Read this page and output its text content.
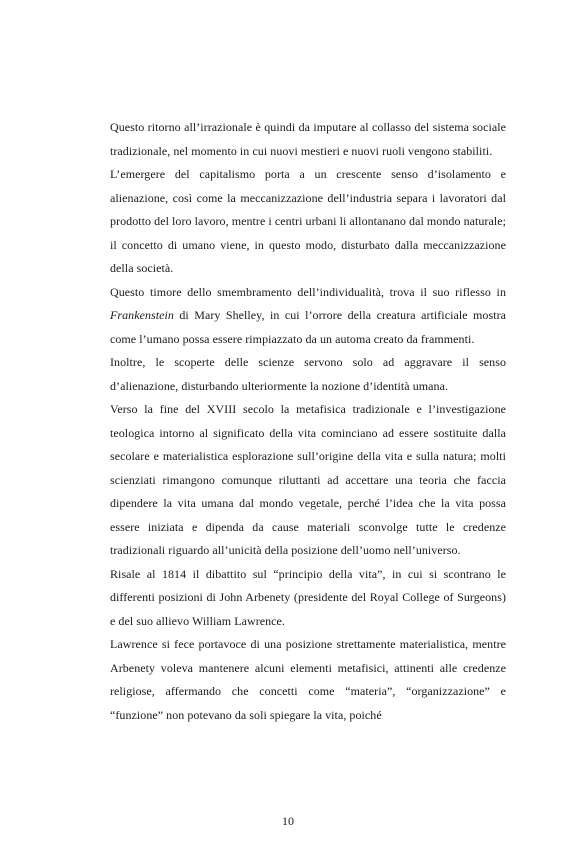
Questo ritorno all’irrazionale è quindi da imputare al collasso del sistema sociale tradizionale, nel momento in cui nuovi mestieri e nuovi ruoli vengono stabiliti.

L’emergere del capitalismo porta a un crescente senso d’isolamento e alienazione, così come la meccanizzazione dell’industria separa i lavoratori dal prodotto del loro lavoro, mentre i centri urbani li allontanano dal mondo naturale; il concetto di umano viene, in questo modo, disturbato dalla meccanizzazione della società.

Questo timore dello smembramento dell’individualità, trova il suo riflesso in Frankenstein di Mary Shelley, in cui l’orrore della creatura artificiale mostra come l’umano possa essere rimpiazzato da un automa creato da frammenti.

Inoltre, le scoperte delle scienze servono solo ad aggravare il senso d’alienazione, disturbando ulteriormente la nozione d’identità umana.

Verso la fine del XVIII secolo la metafisica tradizionale e l’investigazione teologica intorno al significato della vita cominciano ad essere sostituite dalla secolare e materialistica esplorazione sull’origine della vita e sulla natura; molti scienziati rimangono comunque riluttanti ad accettare una teoria che faccia dipendere la vita umana dal mondo vegetale, perché l’idea che la vita possa essere iniziata e dipenda da cause materiali sconvolge tutte le credenze tradizionali riguardo all’unicità della posizione dell’uomo nell’universo.

Risale al 1814 il dibattito sul “principio della vita”, in cui si scontrano le differenti posizioni di John Arbenety (presidente del Royal College of Surgeons) e del suo allievo William Lawrence.

Lawrence si fece portavoce di una posizione strettamente materialistica, mentre Arbenety voleva mantenere alcuni elementi metafisici, attinenti alle credenze religiose, affermando che concetti come “materia”, “organizzazione” e “funzione” non potevano da soli spiegare la vita, poiché

10
